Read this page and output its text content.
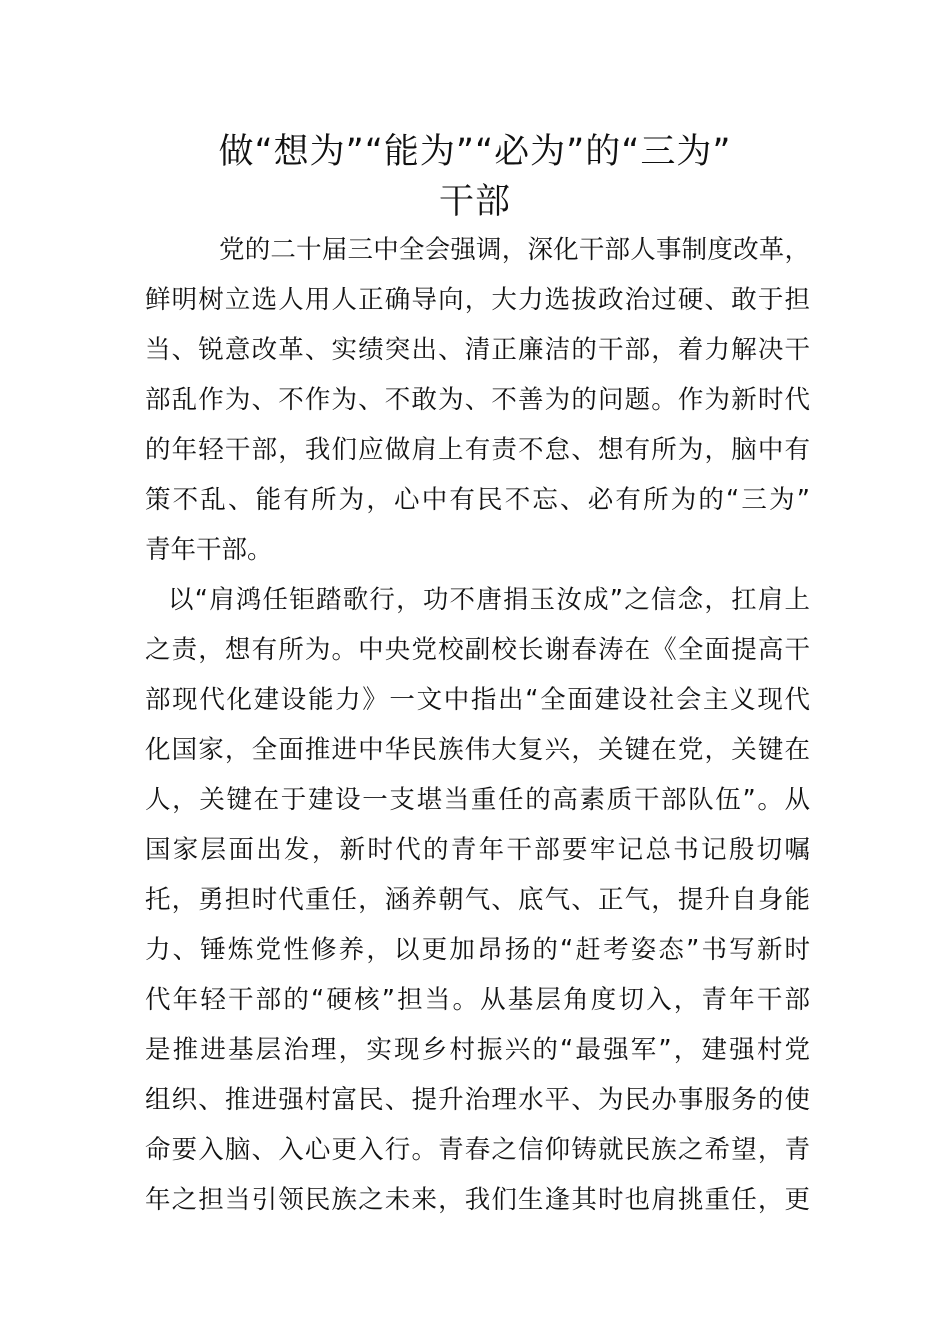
做“想为”“能为”“必为”的“三为”
干部
党的二十届三中全会强调，深化干部人事制度改革，
鲜明树立选人用人正确导向，大力选拔政治过硬、敢于担
当、锐意改革、实绩突出、清正廉洁的干部，着力解决干
部乱作为、不作为、不敢为、不善为的问题。作为新时代
的年轻干部，我们应做肩上有责不怠、想有所为，脑中有
策不乱、能有所为，心中有民不忘、必有所为的“三为”
青年干部。
以“肩鸿任钜踏歌行，功不唐捐玉汝成”之信念，扛肩上
之责，想有所为。中央党校副校长谢春涛在《全面提高干
部现代化建设能力》一文中指出“全面建设社会主义现代
化国家，全面推进中华民族伟大复兴，关键在党，关键在
人，关键在于建设一支堪当重任的高素质干部队伍”。从
国家层面出发，新时代的青年干部要牢记总书记殷切嘱
托，勇担时代重任，涵养朝气、底气、正气，提升自身能
力、锤炼党性修养，以更加昂扬的“赶考姿态”书写新时
代年轻干部的“硬核”担当。从基层角度切入，青年干部
是推进基层治理，实现乡村振兴的“最强军”，建强村党
组织、推进强村富民、提升治理水平、为民办事服务的使
命要入脑、入心更入行。青春之信仰铸就民族之希望，青
年之担当引领民族之未来，我们生逢其时也肩挑重任，更
